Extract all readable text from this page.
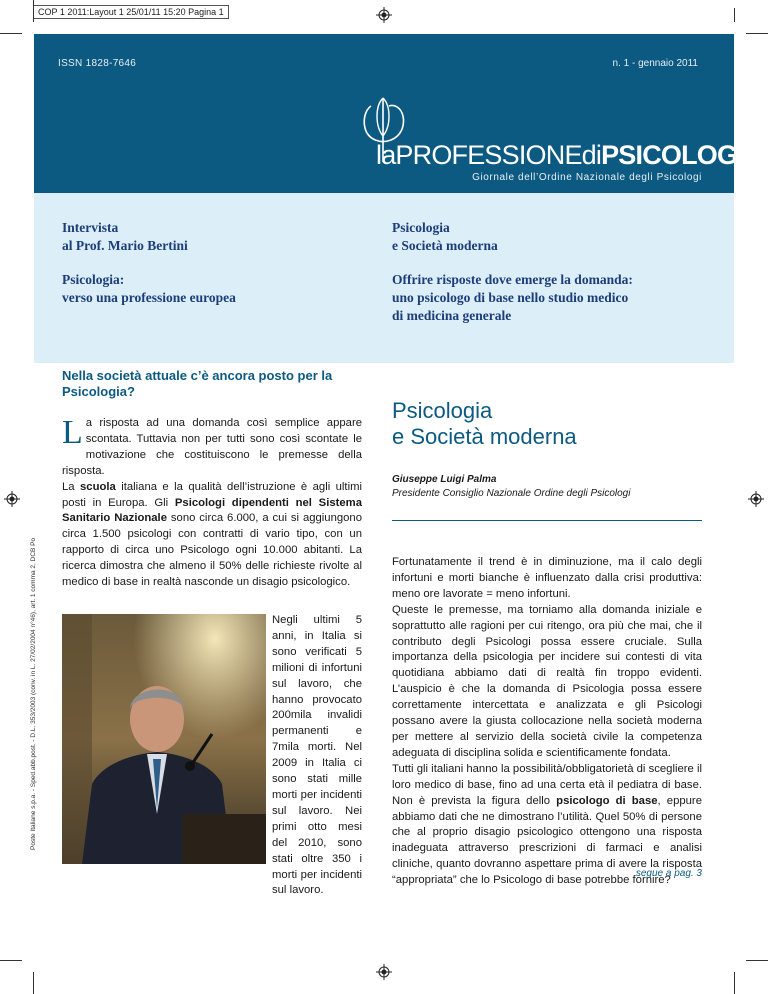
COP 1 2011:Layout 1 25/01/11 15:20 Pagina 1
ISSN 1828-7646	n. 1 - gennaio 2011
laPROFESSIONEdiPSICOLOGO
Giornale dell’Ordine Nazionale degli Psicologi
Intervista
al Prof. Mario Bertini
Psicologia
e Società moderna
Psicologia:
verso una professione europea
Offrire risposte dove emerge la domanda:
uno psicologo di base nello studio medico
di medicina generale
Poste Italiane s.p.a. - Sped.abb.post. - D.L. 353/2003 (conv. in L. 27/02/2004 n°46), art. 1 comma 2, DCB Po
Nella società attuale c’è ancora posto per la Psicologia?
La risposta ad una domanda così semplice appare scontata. Tuttavia non per tutti sono così scontate le motivazione che costituiscono le premesse della risposta.
La scuola italiana e la qualità dell’istruzione è agli ultimi posti in Europa. Gli Psicologi dipendenti nel Sistema Sanitario Nazionale sono circa 6.000, a cui si aggiungono circa 1.500 psicologi con contratti di vario tipo, con un rapporto di circa uno Psicologo ogni 10.000 abitanti. La ricerca dimostra che almeno il 50% delle richieste rivolte al medico di base in realtà nasconde un disagio psicologico.
Negli ultimi 5 anni, in Italia si sono verificati 5 milioni di infortuni sul lavoro, che hanno provocato 200mila invalidi permanenti e 7mila morti. Nel 2009 in Italia ci sono stati mille morti per incidenti sul lavoro. Nei primi otto mesi del 2010, sono stati oltre 350 i morti per incidenti sul lavoro.
Psicologia
e Società moderna
Giuseppe Luigi Palma
Presidente Consiglio Nazionale Ordine degli Psicologi
Fortunatamente il trend è in diminuzione, ma il calo degli infortuni e morti bianche è influenzato dalla crisi produttiva: meno ore lavorate = meno infortuni.
Queste le premesse, ma torniamo alla domanda iniziale e soprattutto alle ragioni per cui ritengo, ora più che mai, che il contributo degli Psicologi possa essere cruciale. Sulla importanza della psicologia per incidere sui contesti di vita quotidiana abbiamo dati di realtà fin troppo evidenti. L’auspicio è che la domanda di Psicologia possa essere correttamente intercettata e analizzata e gli Psicologi possano avere la giusta collocazione nella società moderna per mettere al servizio della società civile la competenza adeguata di disciplina solida e scientificamente fondata.
Tutti gli italiani hanno la possibilità/obbligatorietà di scegliere il loro medico di base, fino ad una certa età il pediatra di base. Non è prevista la figura dello psicologo di base, eppure abbiamo dati che ne dimostrano l’utilità. Quel 50% di persone che al proprio disagio psicologico ottengono una risposta inadeguata attraverso prescrizioni di farmaci e analisi cliniche, quanto dovranno aspettare prima di avere la risposta “appropriata” che lo Psicologo di base potrebbe fornire?
segue a pag. 3
